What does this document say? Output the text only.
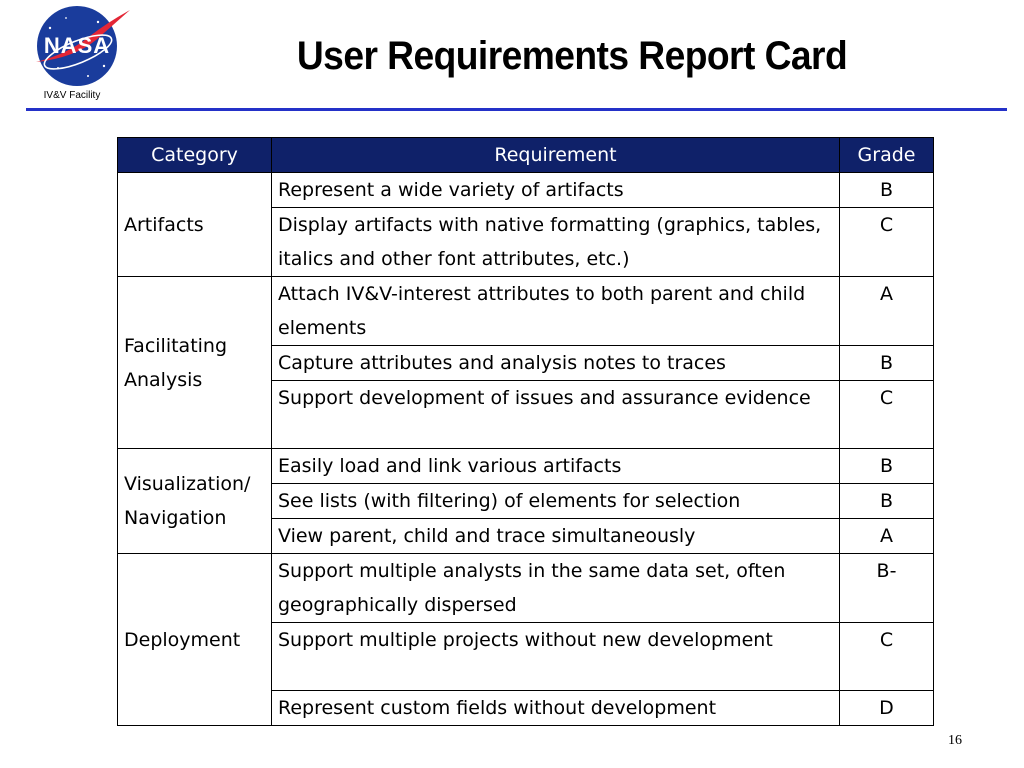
NASA
IV&V Facility
User Requirements Report Card
Category	Requirement	Grade
Artifacts	Represent a wide variety of artifacts	B
	Display artifacts with native formatting (graphics, tables, italics and other font attributes, etc.)	C
Facilitating Analysis	Attach IV&V-interest attributes to both parent and child elements	A
	Capture attributes and analysis notes to traces	B
	Support development of issues and assurance evidence	C
Visualization/ Navigation	Easily load and link various artifacts	B
	See lists (with filtering) of elements for selection	B
	View parent, child and trace simultaneously	A
Deployment	Support multiple analysts in the same data set, often geographically dispersed	B-
	Support multiple projects without new development	C
	Represent custom fields without development	D
16
